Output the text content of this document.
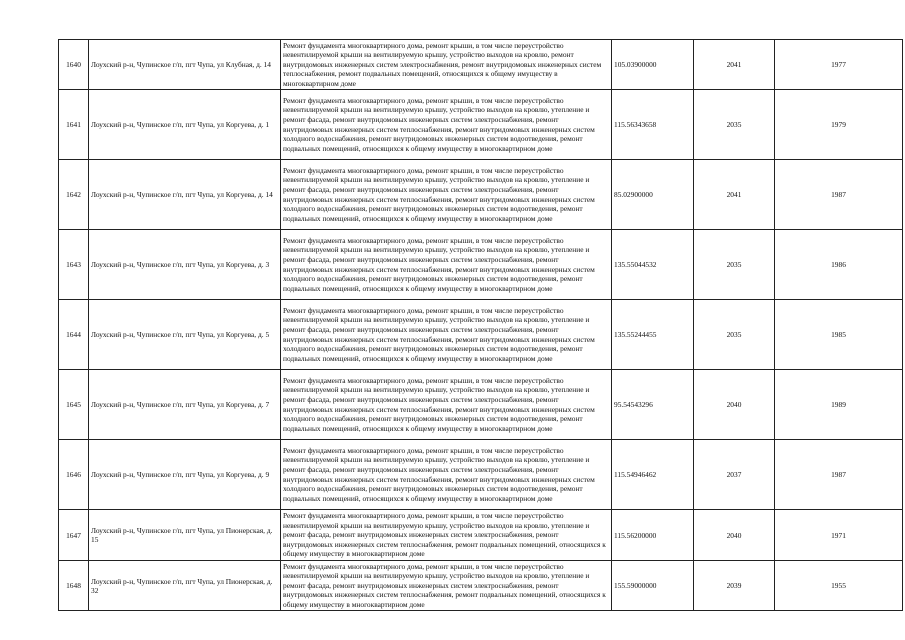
1640	Лоухский р-н, Чупинское г/п, пгт Чупа, ул Клубная, д. 14	Ремонт фундамента многоквартирного дома, ремонт крыши, в том числе переустройство невентилируемой крыши на вентилируемую крышу, устройство выходов на кровлю, ремонт внутридомовых инженерных систем электроснабжения, ремонт внутридомовых инженерных систем теплоснабжения, ремонт подвальных помещений, относящихся к общему имуществу в многоквартирном доме	105.03900000	2041	1977
1641	Лоухский р-н, Чупинское г/п, пгт Чупа, ул Коргуева, д. 1	Ремонт фундамента многоквартирного дома, ремонт крыши, в том числе переустройство невентилируемой крыши на вентилируемую крышу, устройство выходов на кровлю, утепление и ремонт фасада, ремонт внутридомовых инженерных систем электроснабжения, ремонт внутридомовых инженерных систем теплоснабжения, ремонт внутридомовых инженерных систем холодного водоснабжения, ремонт внутридомовых инженерных систем водоотведения, ремонт подвальных помещений, относящихся к общему имуществу в многоквартирном доме	115.56343658	2035	1979
1642	Лоухский р-н, Чупинское г/п, пгт Чупа, ул Коргуева, д. 14	Ремонт фундамента многоквартирного дома, ремонт крыши, в том числе переустройство невентилируемой крыши на вентилируемую крышу, устройство выходов на кровлю, утепление и ремонт фасада, ремонт внутридомовых инженерных систем электроснабжения, ремонт внутридомовых инженерных систем теплоснабжения, ремонт внутридомовых инженерных систем холодного водоснабжения, ремонт внутридомовых инженерных систем водоотведения, ремонт подвальных помещений, относящихся к общему имуществу в многоквартирном доме	85.02900000	2041	1987
1643	Лоухский р-н, Чупинское г/п, пгт Чупа, ул Коргуева, д. 3	Ремонт фундамента многоквартирного дома, ремонт крыши, в том числе переустройство невентилируемой крыши на вентилируемую крышу, устройство выходов на кровлю, утепление и ремонт фасада, ремонт внутридомовых инженерных систем электроснабжения, ремонт внутридомовых инженерных систем теплоснабжения, ремонт внутридомовых инженерных систем холодного водоснабжения, ремонт внутридомовых инженерных систем водоотведения, ремонт подвальных помещений, относящихся к общему имуществу в многоквартирном доме	135.55044532	2035	1986
1644	Лоухский р-н, Чупинское г/п, пгт Чупа, ул Коргуева, д. 5	Ремонт фундамента многоквартирного дома, ремонт крыши, в том числе переустройство невентилируемой крыши на вентилируемую крышу, устройство выходов на кровлю, утепление и ремонт фасада, ремонт внутридомовых инженерных систем электроснабжения, ремонт внутридомовых инженерных систем теплоснабжения, ремонт внутридомовых инженерных систем холодного водоснабжения, ремонт внутридомовых инженерных систем водоотведения, ремонт подвальных помещений, относящихся к общему имуществу в многоквартирном доме	135.55244455	2035	1985
1645	Лоухский р-н, Чупинское г/п, пгт Чупа, ул Коргуева, д. 7	Ремонт фундамента многоквартирного дома, ремонт крыши, в том числе переустройство невентилируемой крыши на вентилируемую крышу, устройство выходов на кровлю, утепление и ремонт фасада, ремонт внутридомовых инженерных систем электроснабжения, ремонт внутридомовых инженерных систем теплоснабжения, ремонт внутридомовых инженерных систем холодного водоснабжения, ремонт внутридомовых инженерных систем водоотведения, ремонт подвальных помещений, относящихся к общему имуществу в многоквартирном доме	95.54543296	2040	1989
1646	Лоухский р-н, Чупинское г/п, пгт Чупа, ул Коргуева, д. 9	Ремонт фундамента многоквартирного дома, ремонт крыши, в том числе переустройство невентилируемой крыши на вентилируемую крышу, устройство выходов на кровлю, утепление и ремонт фасада, ремонт внутридомовых инженерных систем электроснабжения, ремонт внутридомовых инженерных систем теплоснабжения, ремонт внутридомовых инженерных систем холодного водоснабжения, ремонт внутридомовых инженерных систем водоотведения, ремонт подвальных помещений, относящихся к общему имуществу в многоквартирном доме	115.54946462	2037	1987
1647	Лоухский р-н, Чупинское г/п, пгт Чупа, ул Пионерская, д. 15	Ремонт фундамента многоквартирного дома, ремонт крыши, в том числе переустройство невентилируемой крыши на вентилируемую крышу, устройство выходов на кровлю, утепление и ремонт фасада, ремонт внутридомовых инженерных систем электроснабжения, ремонт внутридомовых инженерных систем теплоснабжения, ремонт подвальных помещений, относящихся к общему имуществу в многоквартирном доме	115.56200000	2040	1971
1648	Лоухский р-н, Чупинское г/п, пгт Чупа, ул Пионерская, д. 32	Ремонт фундамента многоквартирного дома, ремонт крыши, в том числе переустройство невентилируемой крыши на вентилируемую крышу, устройство выходов на кровлю, утепление и ремонт фасада, ремонт внутридомовых инженерных систем электроснабжения, ремонт внутридомовых инженерных систем теплоснабжения, ремонт подвальных помещений, относящихся к общему имуществу в многоквартирном доме	155.59000000	2039	1955
